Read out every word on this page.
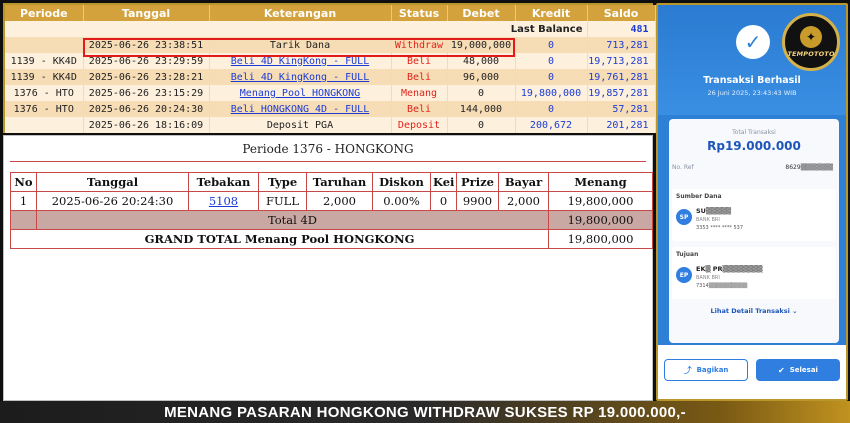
Periode	Tanggal	Keterangan	Status	Debet	Kredit	Saldo
Last Balance						481
	2025-06-26 23:38:51	Tarik Dana	Withdraw	19,000,000	0	713,281
1139 - KK4D	2025-06-26 23:29:59	Beli 4D KingKong - FULL	Beli	48,000	0	19,713,281
1139 - KK4D	2025-06-26 23:28:21	Beli 4D KingKong - FULL	Beli	96,000	0	19,761,281
1376 - HTO	2025-06-26 23:15:29	Menang Pool HONGKONG	Menang	0	19,800,000	19,857,281
1376 - HTO	2025-06-26 20:24:30	Beli HONGKONG 4D - FULL	Beli	144,000	0	57,281
	2025-06-26 18:16:09	Deposit PGA	Deposit	0	200,672	201,281
Periode 1376 - HONGKONG
No	Tanggal	Tebakan	Type	Taruhan	Diskon	Kei	Prize	Bayar	Menang
1	2025-06-26 20:24:30	5108	FULL	2,000	0.00%	0	9900	2,000	19,800,000
	Total 4D								19,800,000
GRAND TOTAL Menang Pool HONGKONG									19,800,000
✓	✦
TEMPOTOTO
Transaksi Berhasil
26 Juni 2025, 23:43:43 WIB
Total Transaksi
Rp19.000.000
No. Ref	8629▒▒▒▒▒▒▒
Sumber Dana
SP
SU▒▒▒▒▒
BANK BRI
3353 **** **** 537
Tujuan
EP
EK▒ PR▒▒▒▒▒▒▒▒
BANK BRI
7314▒▒▒▒▒▒▒▒▒▒
Lihat Detail Transaksi ⌄
⤴ Bagikan	✔ Selesai
MENANG PASARAN HONGKONG WITHDRAW SUKSES RP 19.000.000,-
